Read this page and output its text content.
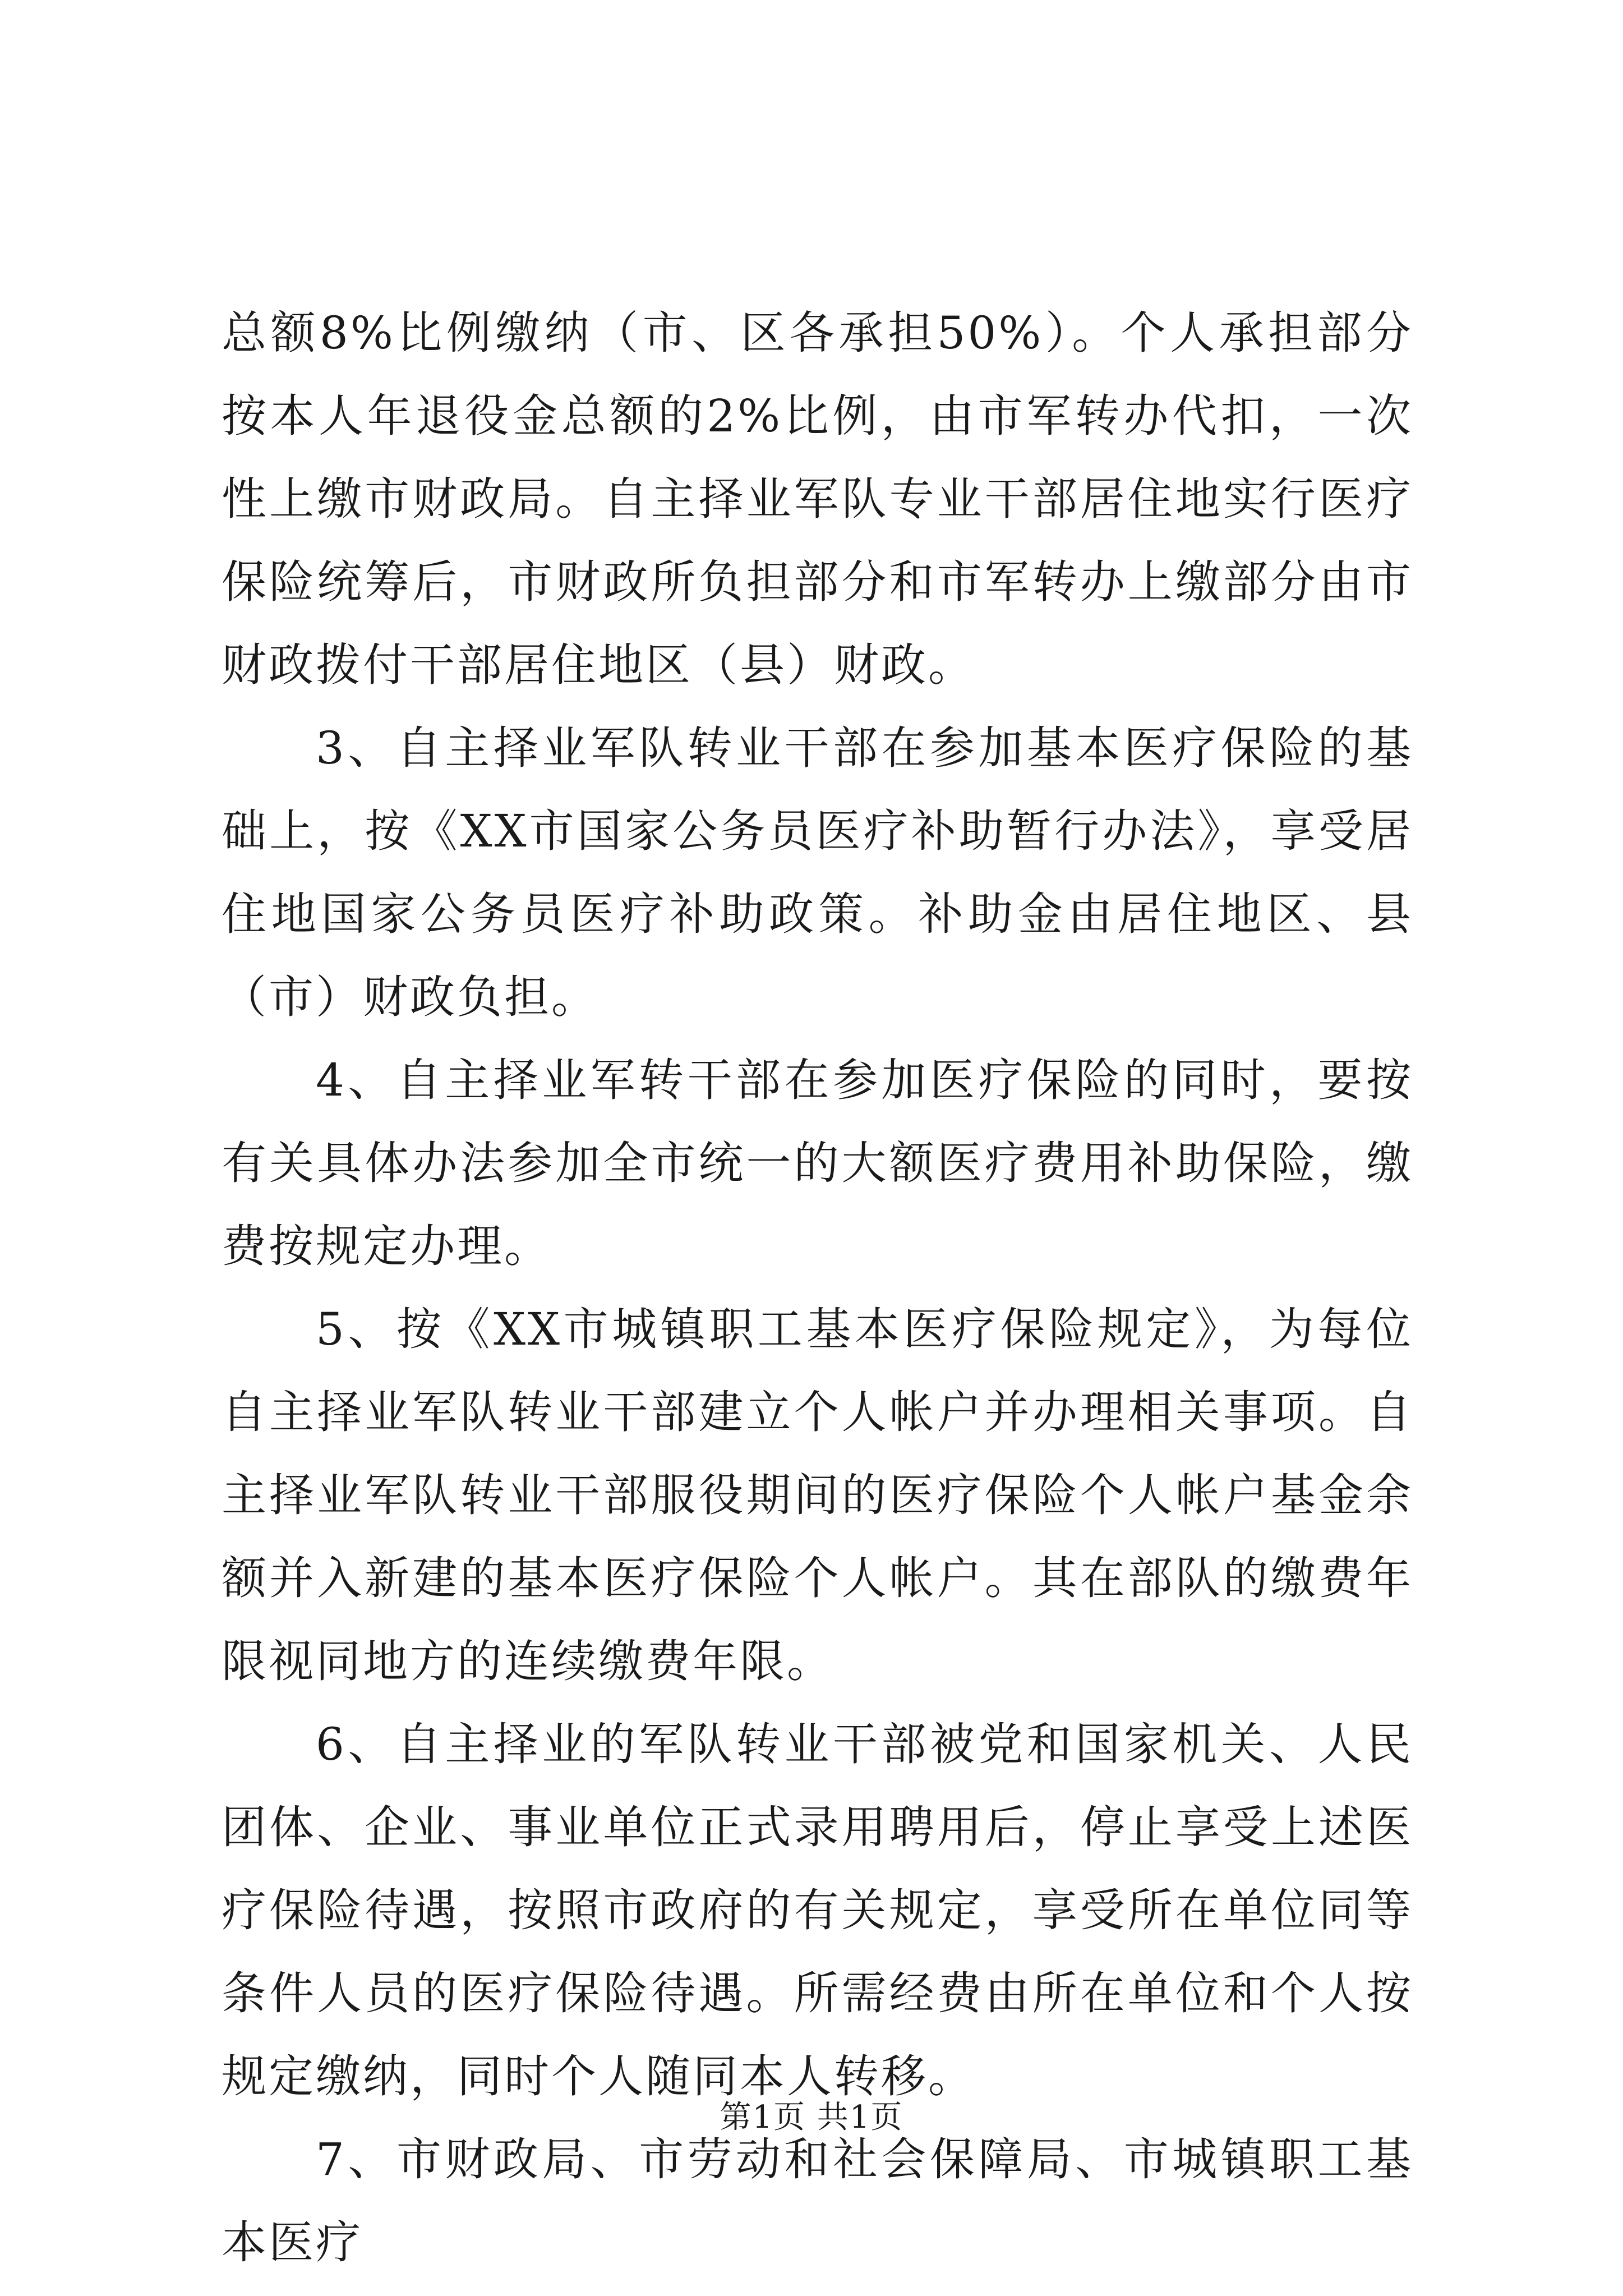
总额8%比例缴纳（市、区各承担50%）。个人承担部分按本人年退役金总额的2%比例，由市军转办代扣，一次性上缴市财政局。自主择业军队专业干部居住地实行医疗保险统筹后，市财政所负担部分和市军转办上缴部分由市财政拨付干部居住地区（县）财政。

3、自主择业军队转业干部在参加基本医疗保险的基础上，按《XX市国家公务员医疗补助暂行办法》，享受居住地国家公务员医疗补助政策。补助金由居住地区、县（市）财政负担。

4、自主择业军转干部在参加医疗保险的同时，要按有关具体办法参加全市统一的大额医疗费用补助保险，缴费按规定办理。

5、按《XX市城镇职工基本医疗保险规定》，为每位自主择业军队转业干部建立个人帐户并办理相关事项。自主择业军队转业干部服役期间的医疗保险个人帐户基金余额并入新建的基本医疗保险个人帐户。其在部队的缴费年限视同地方的连续缴费年限。

6、自主择业的军队转业干部被党和国家机关、人民团体、企业、事业单位正式录用聘用后，停止享受上述医疗保险待遇，按照市政府的有关规定，享受所在单位同等条件人员的医疗保险待遇。所需经费由所在单位和个人按规定缴纳，同时个人随同本人转移。

7、市财政局、市劳动和社会保障局、市城镇职工基本医疗

第1页 共1页
